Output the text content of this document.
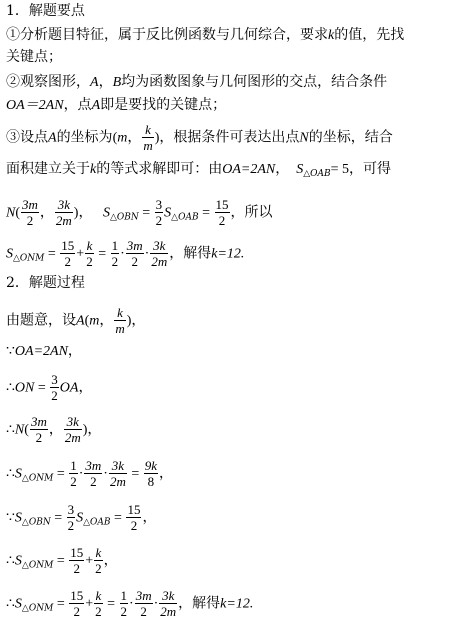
1．解题要点
①分析题目特征，属于反比例函数与几何综合，要求k的值，先找
关键点；
②观察图形，A，B均为函数图象与几何图形的交点，结合条件
OA＝2AN，点A即是要找的关键点；
③设点A的坐标为(m， $\frac{k}{m}$ )，根据条件可表达出点N的坐标，结合
面积建立关于k的等式求解即可：由OA=2AN，  $S_{\triangle OAB}= 5$，可得
$N( \frac{3m}{2}$ ， $\frac{3k}{2m}$ )，   $S_{\triangle OBN} = \frac{3}{2} S_{\triangle OAB} = \frac{15}{2}$ ，所以
$S_{\triangle ONM} = \frac{15}{2} + \frac{k}{2} = \frac{1}{2} \cdot \frac{3m}{2} \cdot \frac{3k}{2m}$ ，解得k=12.
2．解题过程
由题意，设A(m， $\frac{k}{m}$ )，
∵OA=2AN，
∴ON = $\frac{3}{2}$ OA，
∴N( $\frac{3m}{2}$ ， $\frac{3k}{2m}$ )，
$\therefore S_{\triangle ONM} = \frac{1}{2} \cdot \frac{3m}{2} \cdot \frac{3k}{2m} = \frac{9k}{8}$ ，
$\because S_{\triangle OBN} = \frac{3}{2} S_{\triangle OAB} = \frac{15}{2}$ ，
$\therefore S_{\triangle ONM} = \frac{15}{2} + \frac{k}{2}$ ，
$\therefore S_{\triangle ONM} = \frac{15}{2} + \frac{k}{2} = \frac{1}{2} \cdot \frac{3m}{2} \cdot \frac{3k}{2m}$ ，解得k=12.
